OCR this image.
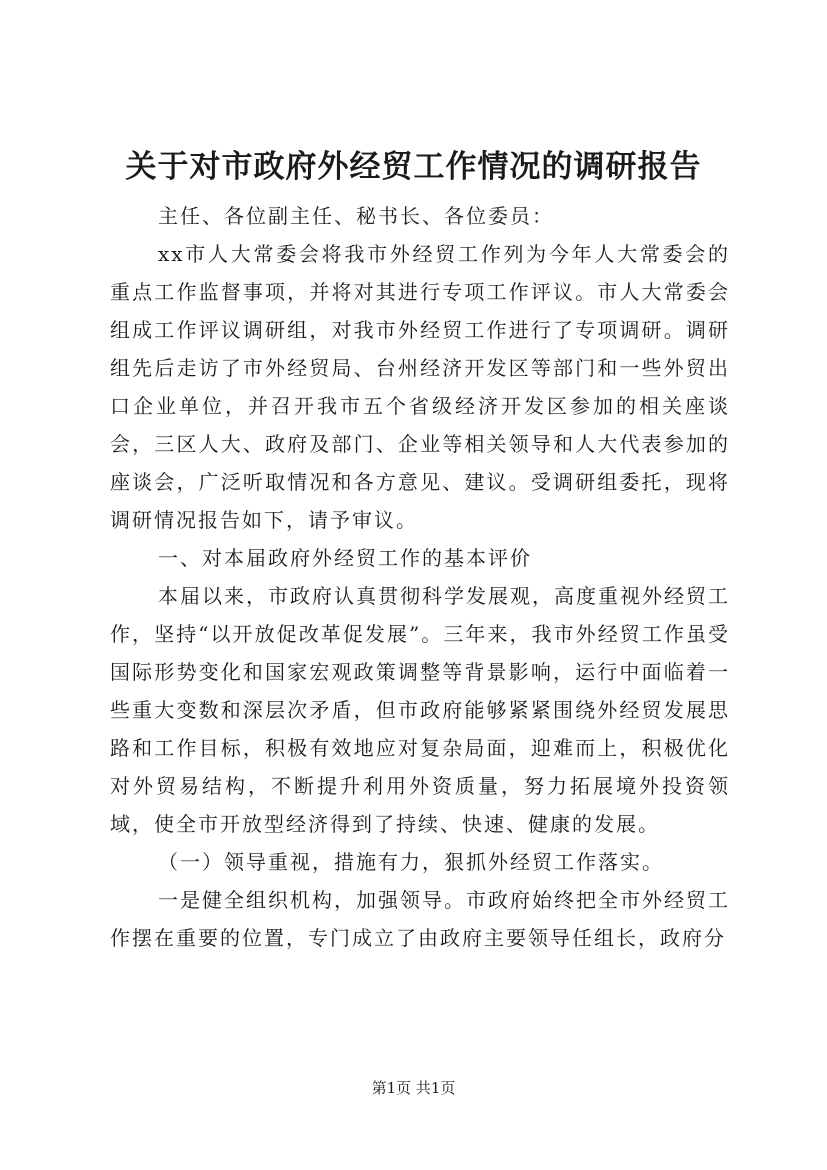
关于对市政府外经贸工作情况的调研报告

主任、各位副主任、秘书长、各位委员：

xx市人大常委会将我市外经贸工作列为今年人大常委会的重点工作监督事项，并将对其进行专项工作评议。市人大常委会组成工作评议调研组，对我市外经贸工作进行了专项调研。调研组先后走访了市外经贸局、台州经济开发区等部门和一些外贸出口企业单位，并召开我市五个省级经济开发区参加的相关座谈会，三区人大、政府及部门、企业等相关领导和人大代表参加的座谈会，广泛听取情况和各方意见、建议。受调研组委托，现将调研情况报告如下，请予审议。

一、对本届政府外经贸工作的基本评价

本届以来，市政府认真贯彻科学发展观，高度重视外经贸工作，坚持“以开放促改革促发展”。三年来，我市外经贸工作虽受国际形势变化和国家宏观政策调整等背景影响，运行中面临着一些重大变数和深层次矛盾，但市政府能够紧紧围绕外经贸发展思路和工作目标，积极有效地应对复杂局面，迎难而上，积极优化对外贸易结构，不断提升利用外资质量，努力拓展境外投资领域，使全市开放型经济得到了持续、快速、健康的发展。

（一）领导重视，措施有力，狠抓外经贸工作落实。

一是健全组织机构，加强领导。市政府始终把全市外经贸工作摆在重要的位置，专门成立了由政府主要领导任组长，政府分

第1页 共1页
